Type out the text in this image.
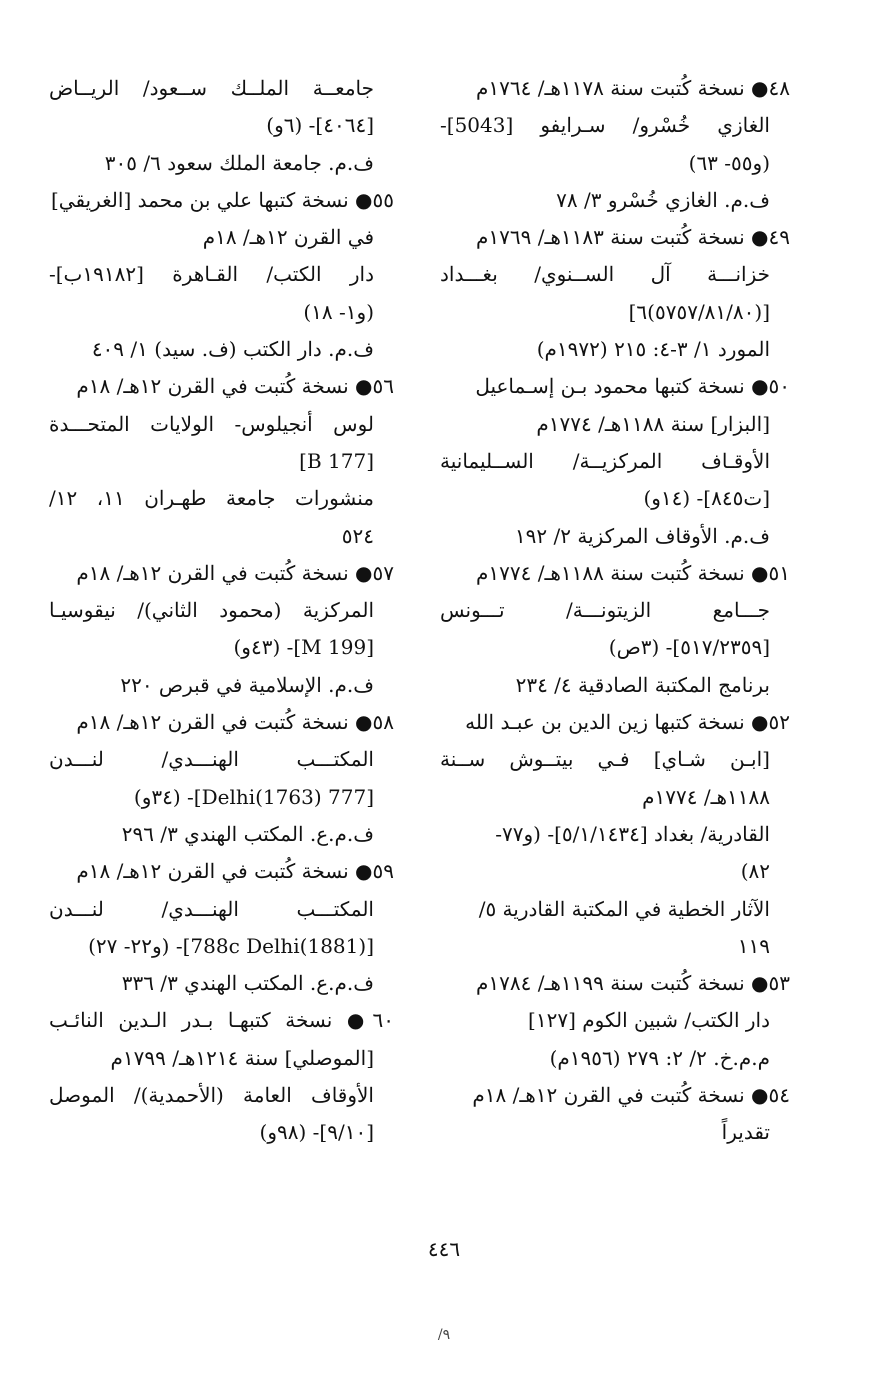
٤٨● نسخة كُتبت سنة ١١٧٨هـ/ ١٧٦٤م
الغازي خُسْرو/ سـرايفو [5043]-
(و٥٥- ٦٣)
ف.م. الغازي خُسْرو ٣/ ٧٨
٤٩● نسخة كُتبت سنة ١١٨٣هـ/ ١٧٦٩م
خزانـــة آل الســنوي/ بغـــداد
[(٥٧٥٧/٨١/٨٠)٦]
المورد ١/ ٣-٤: ٢١٥ (١٩٧٢م)
٥٠● نسخة كتبها محمود بـن إسـماعيل
[البزار] سنة ١١٨٨هـ/ ١٧٧٤م
الأوقـاف المركزيــة/ الســليمانية
[ت٨٤٥]- (١٤و)
ف.م. الأوقاف المركزية ٢/ ١٩٢
٥١● نسخة كُتبت سنة ١١٨٨هـ/ ١٧٧٤م
جـــامع الزيتونـــة/ تـــونس
[٥١٧/٢٣٥٩]- (٣ص)
برنامج المكتبة الصادقية ٤/ ٢٣٤
٥٢● نسخة كتبها زين الدين بن عبـد الله
[ابـن شـاي] فـي بيتــوش ســنة
١١٨٨هـ/ ١٧٧٤م
القادرية/ بغداد [٥/١/١٤٣٤]- (و٧٧-
٨٢)
الآثار الخطية في المكتبة القادرية ٥/
١١٩
٥٣● نسخة كُتبت سنة ١١٩٩هـ/ ١٧٨٤م
دار الكتب/ شبين الكوم [١٢٧]
م.م.خ. ٢/ ٢: ٢٧٩ (١٩٥٦م)
٥٤● نسخة كُتبت في القرن ١٢هـ/ ١٨م
تقديراً
جامعــة الملــك ســعود/ الريــاض
[٤٠٦٤]- (٦و)
ف.م. جامعة الملك سعود ٦/ ٣٠٥
٥٥● نسخة كتبها علي بن محمد [الغريقي]
في القرن ١٢هـ/ ١٨م
دار الكتب/ القـاهرة [١٩١٨٢ب]-
(و١- ١٨)
ف.م. دار الكتب (ف. سيد) ١/ ٤٠٩
٥٦● نسخة كُتبت في القرن ١٢هـ/ ١٨م
لوس أنجيلوس- الولايات المتحـــدة
[B 177]
منشورات جامعة طهـران ١١، ١٢/
٥٢٤
٥٧● نسخة كُتبت في القرن ١٢هـ/ ١٨م
المركزية (محمود الثاني)/ نيقوسيـا
[M 199]- (٤٣و)
ف.م. الإسلامية في قبرص ٢٢٠
٥٨● نسخة كُتبت في القرن ١٢هـ/ ١٨م
المكتـــب الهنـــدي/ لنـــدن
[777 Delhi(1763)]- (٣٤و)
ف.م.ع. المكتب الهندي ٣/ ٢٩٦
٥٩● نسخة كُتبت في القرن ١٢هـ/ ١٨م
المكتـــب الهنـــدي/ لنـــدن
[788c Delhi(1881)]- (و٢٢- ٢٧)
ف.م.ع. المكتب الهندي ٣/ ٣٣٦
٦٠● نسخة كتبهـا بـدر الـدين النائـب
[الموصلي] سنة ١٢١٤هـ/ ١٧٩٩م
الأوقاف العامة (الأحمدية)/ الموصل
[٩/١٠]- (٩٨و)
٤٤٦
٩/
